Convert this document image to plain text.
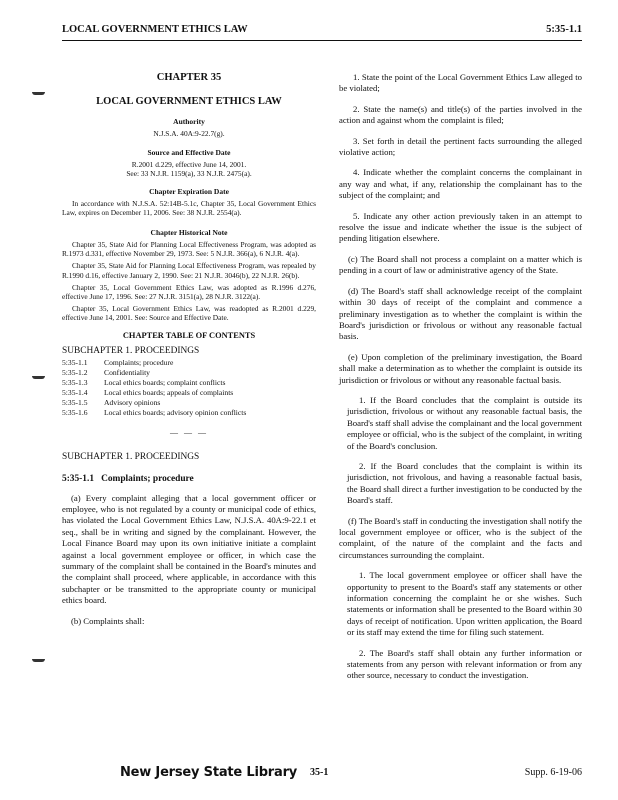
LOCAL GOVERNMENT ETHICS LAW	5:35-1.1
CHAPTER 35
LOCAL GOVERNMENT ETHICS LAW
Authority
N.J.S.A. 40A:9-22.7(g).
Source and Effective Date
R.2001 d.229, effective June 14, 2001.
See: 33 N.J.R. 1159(a), 33 N.J.R. 2475(a).
Chapter Expiration Date
In accordance with N.J.S.A. 52:14B-5.1c, Chapter 35, Local Government Ethics Law, expires on December 11, 2006. See: 38 N.J.R. 2554(a).
Chapter Historical Note
Chapter 35, State Aid for Planning Local Effectiveness Program, was adopted as R.1973 d.331, effective November 29, 1973. See: 5 N.J.R. 366(a), 6 N.J.R. 4(a).
Chapter 35, State Aid for Planning Local Effectiveness Program, was repealed by R.1990 d.16, effective January 2, 1990. See: 21 N.J.R. 3046(b), 22 N.J.R. 26(b).
Chapter 35, Local Government Ethics Law, was adopted as R.1996 d.276, effective June 17, 1996. See: 27 N.J.R. 3151(a), 28 N.J.R. 3122(a).
Chapter 35, Local Government Ethics Law, was readopted as R.2001 d.229, effective June 14, 2001. See: Source and Effective Date.
CHAPTER TABLE OF CONTENTS
SUBCHAPTER 1. PROCEEDINGS
5:35-1.1	Complaints; procedure
5:35-1.2	Confidentiality
5:35-1.3	Local ethics boards; complaint conflicts
5:35-1.4	Local ethics boards; appeals of complaints
5:35-1.5	Advisory opinions
5:35-1.6	Local ethics boards; advisory opinion conflicts
— — —
SUBCHAPTER 1. PROCEEDINGS
5:35-1.1 Complaints; procedure
(a) Every complaint alleging that a local government officer or employee, who is not regulated by a county or municipal code of ethics, has violated the Local Government Ethics Law, N.J.S.A. 40A:9-22.1 et seq., shall be in writing and signed by the complainant. However, the Local Finance Board may upon its own initiative initiate a complaint against a local government employee or officer, in which case the summary of the complaint shall be contained in the Board's minutes and the complaint shall proceed, where applicable, in accordance with this subchapter or be transmitted to the appropriate county or municipal ethics board.
(b) Complaints shall:
1. State the point of the Local Government Ethics Law alleged to be violated;
2. State the name(s) and title(s) of the parties involved in the action and against whom the complaint is filed;
3. Set forth in detail the pertinent facts surrounding the alleged violative action;
4. Indicate whether the complaint concerns the complainant in any way and what, if any, relationship the complainant has to the subject of the complaint; and
5. Indicate any other action previously taken in an attempt to resolve the issue and indicate whether the issue is the subject of pending litigation elsewhere.
(c) The Board shall not process a complaint on a matter which is pending in a court of law or administrative agency of the State.
(d) The Board's staff shall acknowledge receipt of the complaint within 30 days of receipt of the complaint and commence a preliminary investigation as to whether the complaint is within the Board's jurisdiction or frivolous or without any reasonable factual basis.
(e) Upon completion of the preliminary investigation, the Board shall make a determination as to whether the complaint is outside its jurisdiction or frivolous or without any reasonable factual basis.
1. If the Board concludes that the complaint is outside its jurisdiction, frivolous or without any reasonable factual basis, the Board's staff shall advise the complainant and the local government employee or official, who is the subject of the complaint, in writing of the Board's conclusion.
2. If the Board concludes that the complaint is within its jurisdiction, not frivolous, and having a reasonable factual basis, the Board shall direct a further investigation to be conducted by the Board's staff.
(f) The Board's staff in conducting the investigation shall notify the local government employee or officer, who is the subject of the complaint, of the nature of the complaint and the facts and circumstances surrounding the complaint.
1. The local government employee or officer shall have the opportunity to present to the Board's staff any statements or other information concerning the complaint he or she wishes. Such statements or information shall be presented to the Board within 30 days of receipt of notification. Upon written application, the Board or its staff may extend the time for filing such statement.
2. The Board's staff shall obtain any further information or statements from any person with relevant information or from any other source, necessary to conduct the investigation.
New Jersey State Library 35-1	Supp. 6-19-06
